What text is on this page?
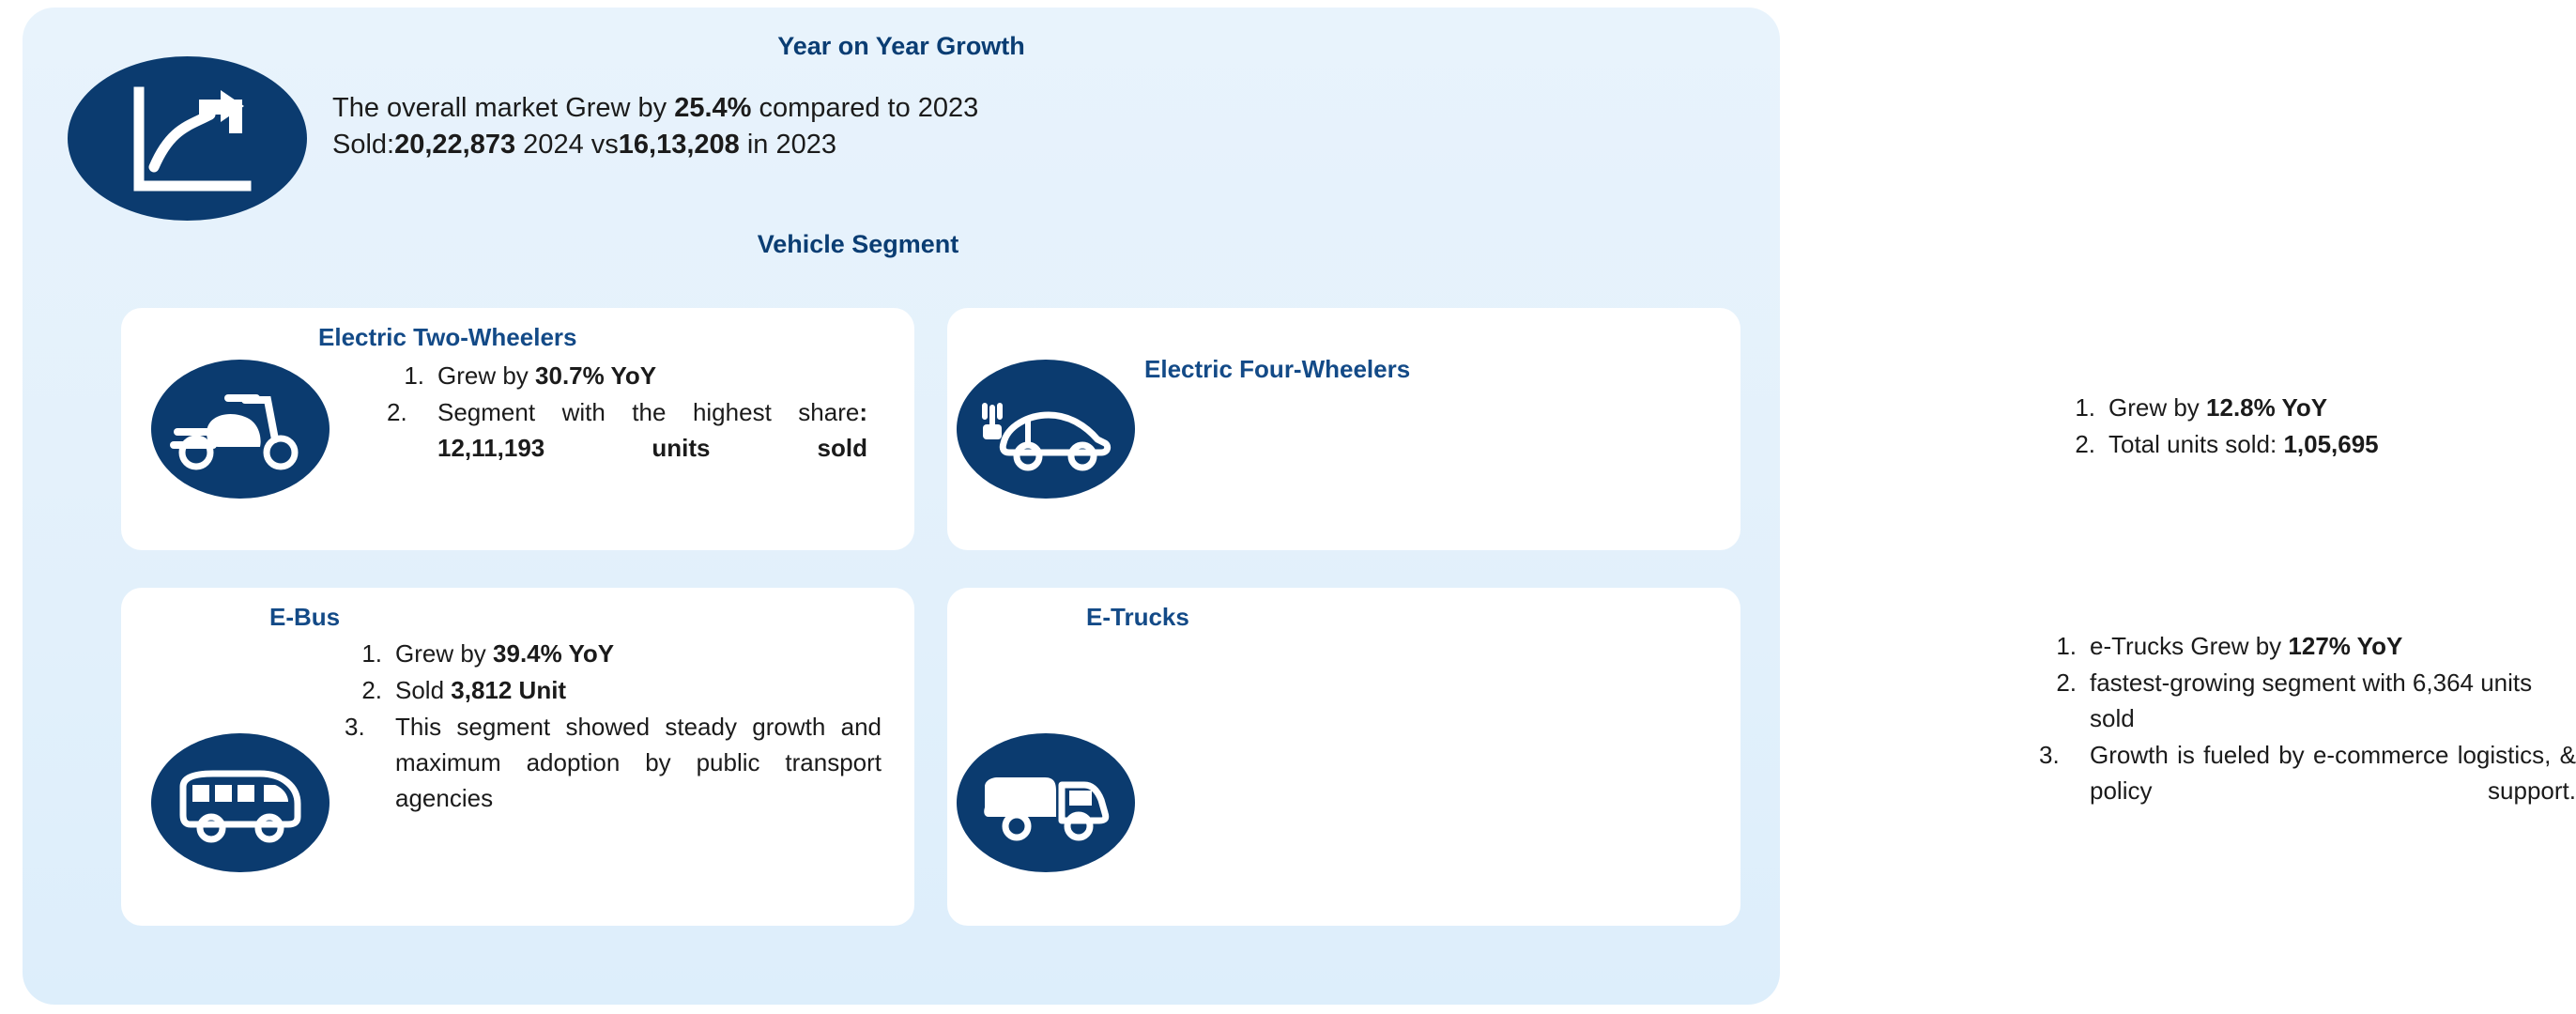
Year on Year Growth
The overall market Grew by 25.4% compared to 2023
Sold:20,22,873 2024 vs16,13,208 in 2023
Vehicle Segment
Electric Two-Wheelers
1. Grew by 30.7% YoY
2.	Segment with the highest share: 12,11,193 units sold
Electric Four-Wheelers
1. Grew by 12.8% YoY
2. Total units sold: 1,05,695
E-Bus
1. Grew by 39.4% YoY
2. Sold 3,812 Unit
3.	This segment showed steady growth and maximum adoption by public transport agencies
E-Trucks
1. e-Trucks Grew by 127% YoY
2. fastest-growing segment with 6,364 units sold
3.	Growth is fueled by e-commerce logistics, & policy support.
